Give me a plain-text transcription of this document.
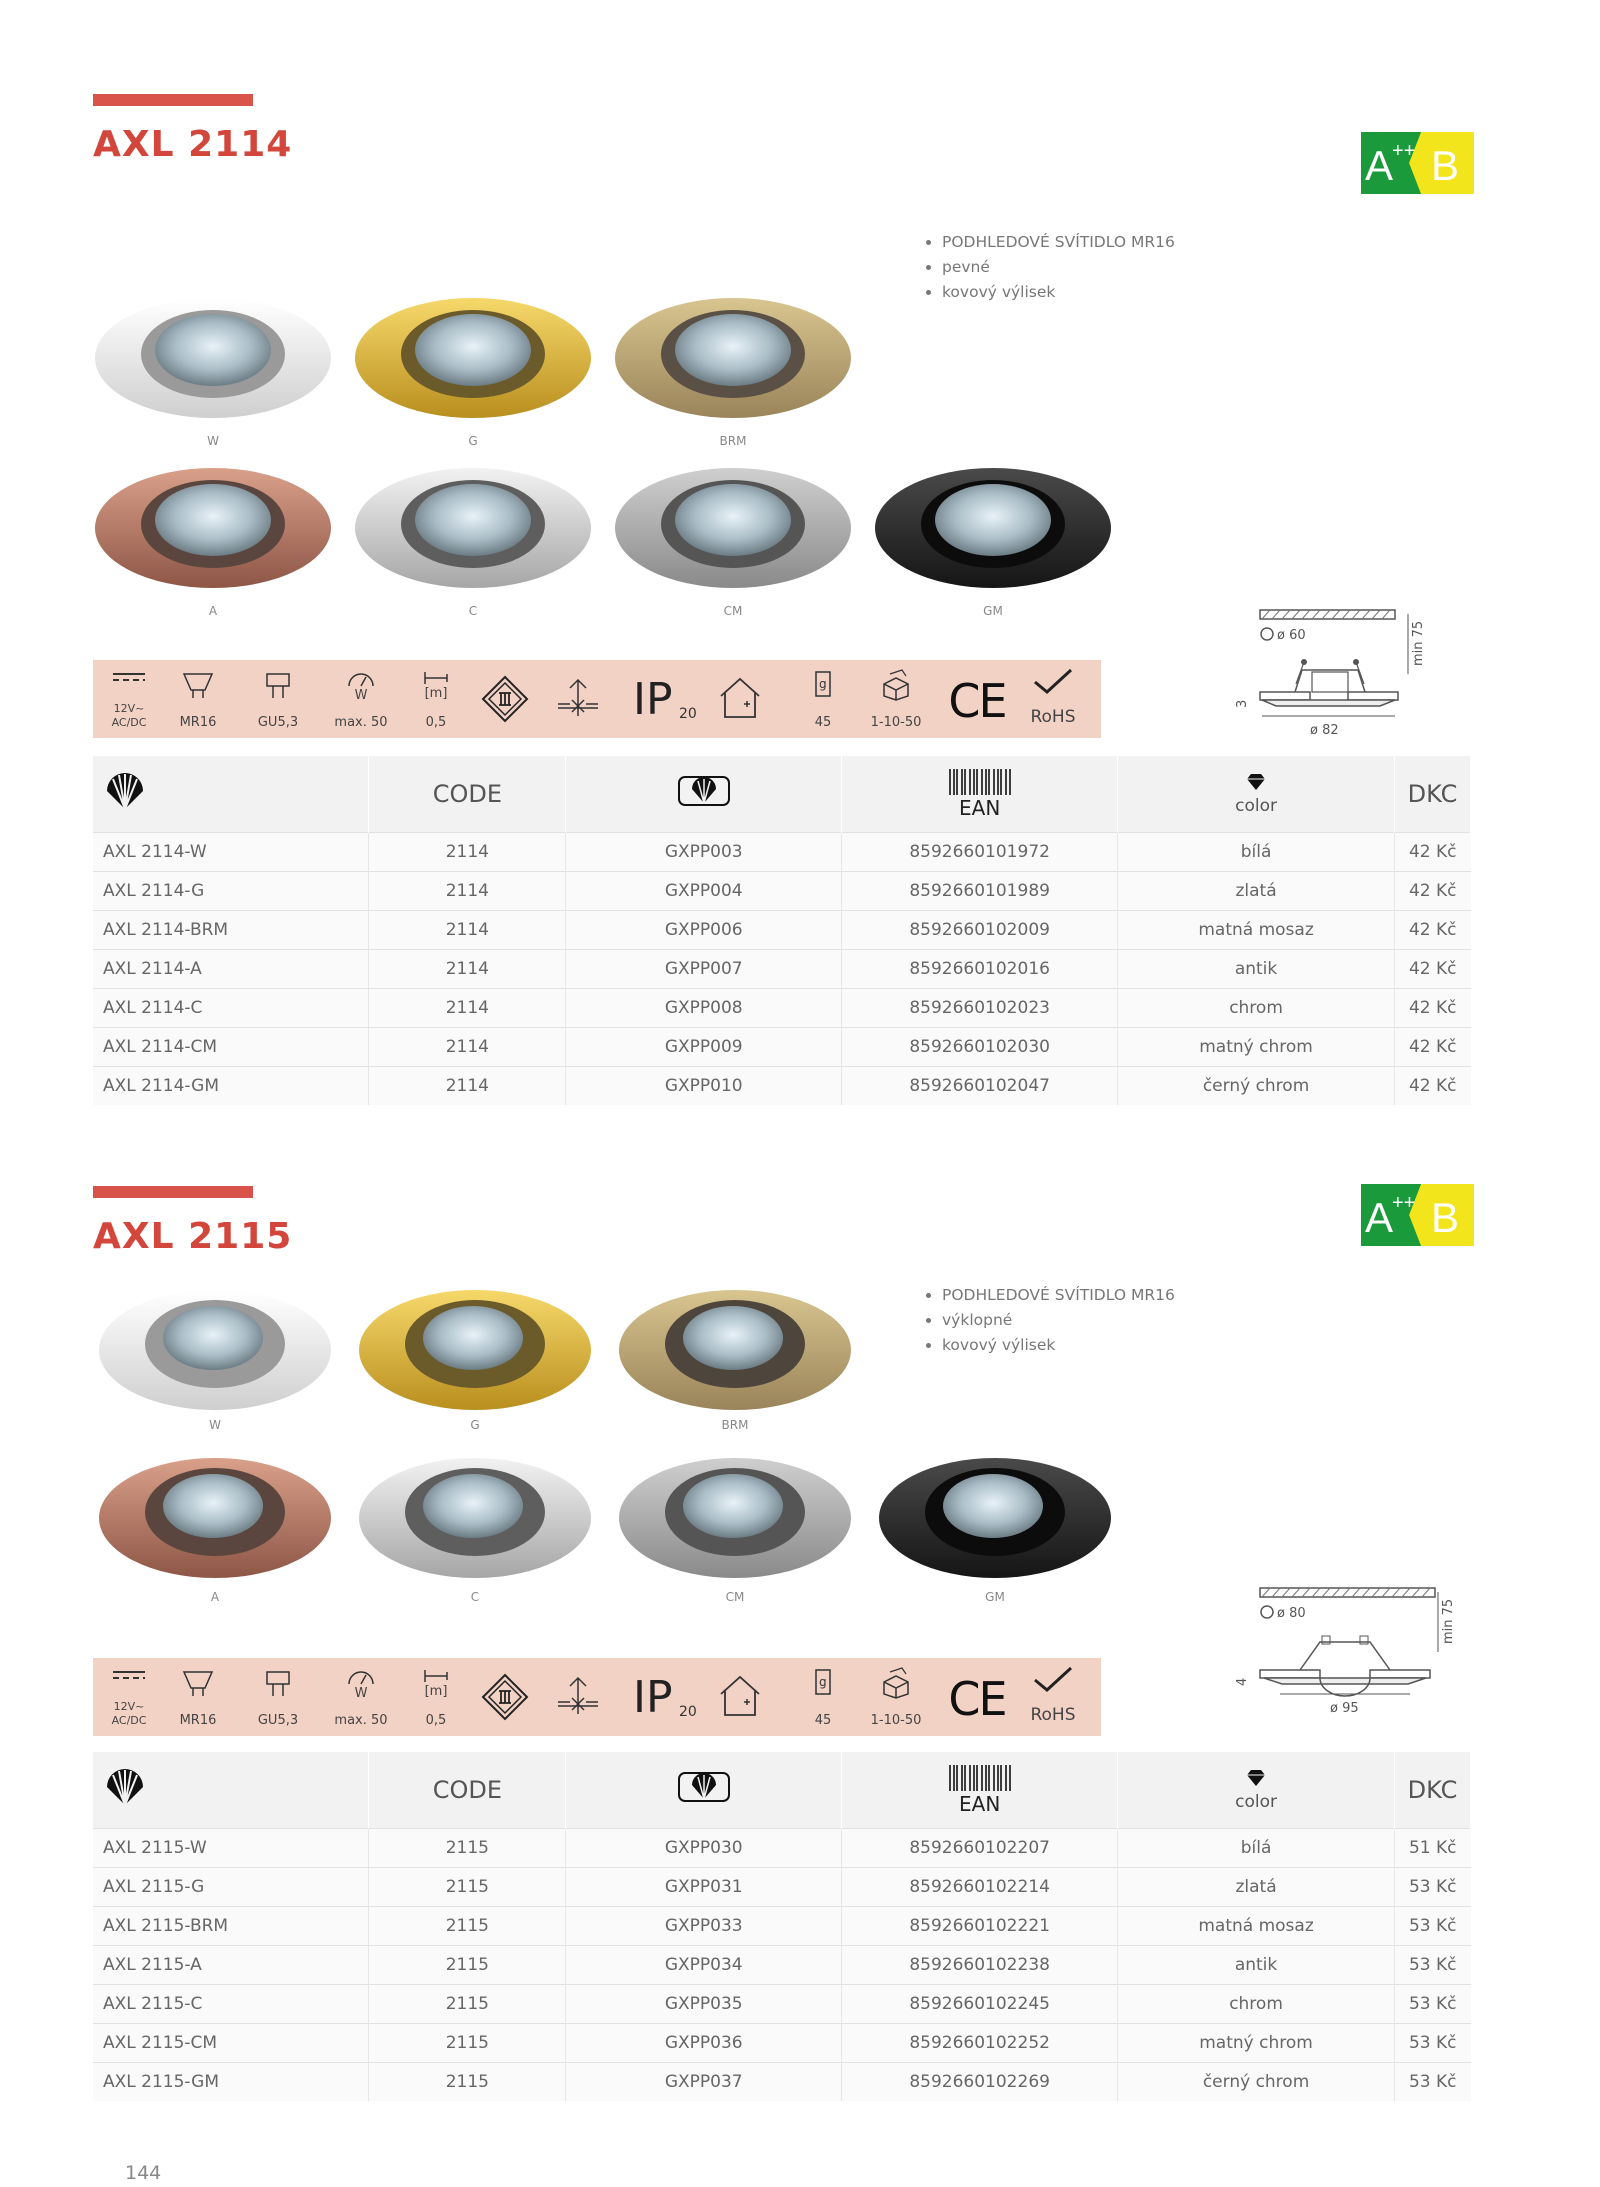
AXL 2114	A
++ B
• PODHLEDOVÉ SVÍTIDLO MR16
• pevné
• kovový výlisek
W	G	BRM
A	C	CM	GM
ø 60	min 75
3
ø 82
12V~
AC/DC	MR16	GU5,3
W
max. 50
[m]
0,5	IP 20
g
45	1-10-50 CE	RoHS
	CODE		EAN	color	DKC
AXL 2114-W	2114	GXPP003	8592660101972	bílá	42 Kč
AXL 2114-G	2114	GXPP004	8592660101989	zlatá	42 Kč
AXL 2114-BRM	2114	GXPP006	8592660102009	matná mosaz	42 Kč
AXL 2114-A	2114	GXPP007	8592660102016	antik	42 Kč
AXL 2114-C	2114	GXPP008	8592660102023	chrom	42 Kč
AXL 2114-CM	2114	GXPP009	8592660102030	matný chrom	42 Kč
AXL 2114-GM	2114	GXPP010	8592660102047	černý chrom	42 Kč
AXL 2115	A
++ B
• PODHLEDOVÉ SVÍTIDLO MR16
• výklopné
• kovový výlisek
W	G	BRM
A	C	CM	GM
ø 80	min 75
4
ø 95
12V~
AC/DC	MR16	GU5,3
W
max. 50
[m]
0,5	IP 20
g
45	1-10-50 CE	RoHS
	CODE		EAN	color	DKC
AXL 2115-W	2115	GXPP030	8592660102207	bílá	51 Kč
AXL 2115-G	2115	GXPP031	8592660102214	zlatá	53 Kč
AXL 2115-BRM	2115	GXPP033	8592660102221	matná mosaz	53 Kč
AXL 2115-A	2115	GXPP034	8592660102238	antik	53 Kč
AXL 2115-C	2115	GXPP035	8592660102245	chrom	53 Kč
AXL 2115-CM	2115	GXPP036	8592660102252	matný chrom	53 Kč
AXL 2115-GM	2115	GXPP037	8592660102269	černý chrom	53 Kč
144
